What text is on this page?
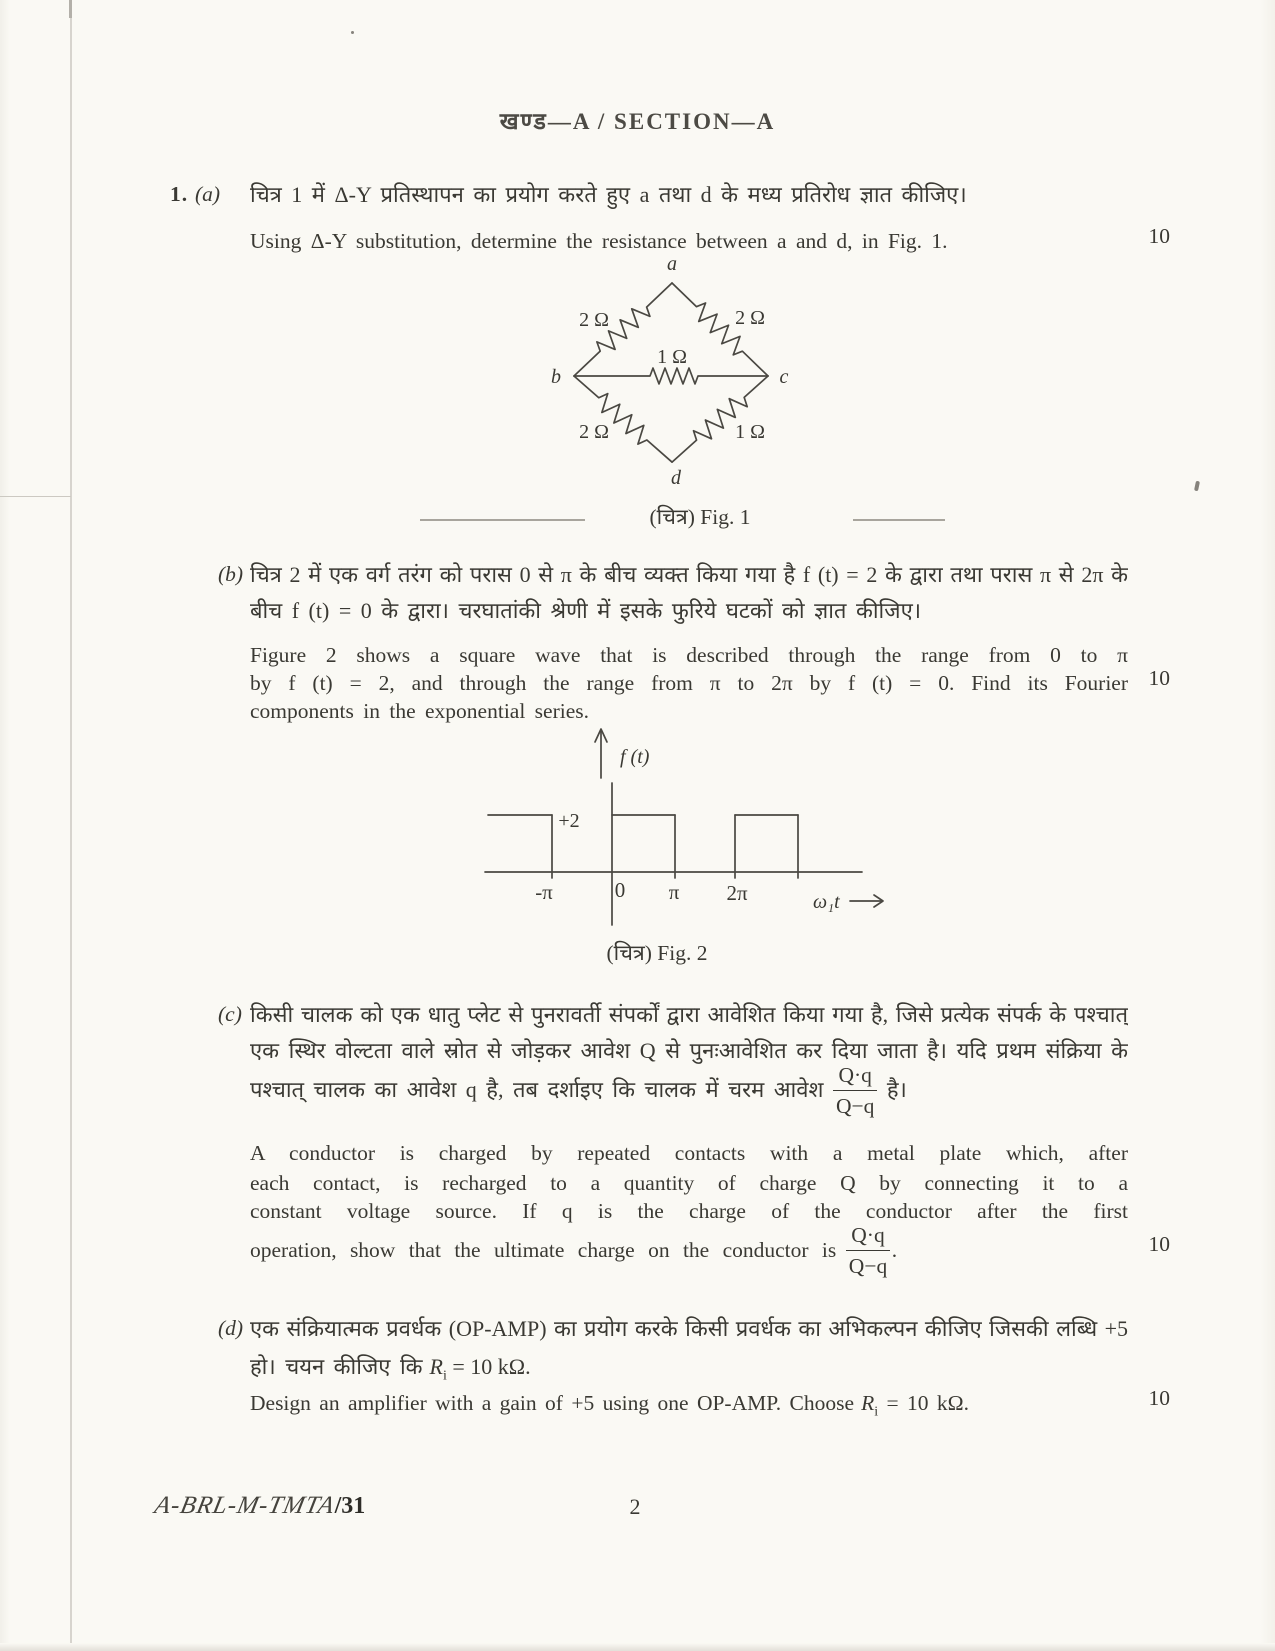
खण्ड—A / SECTION—A
1. (a) चित्र 1 में Δ-Y प्रतिस्थापन का प्रयोग करते हुए a तथा d के मध्य प्रतिरोध ज्ञात कीजिए।
Using Δ-Y substitution, determine the resistance between a and d, in Fig. 1.	10
a
b	c
d
2 Ω	2 Ω
1 Ω
2 Ω	1 Ω
(चित्र) Fig. 1
(b) चित्र 2 में एक वर्ग तरंग को परास 0 से π के बीच व्यक्त किया गया है f (t) = 2 के द्वारा तथा परास π से 2π के
बीच f (t) = 0 के द्वारा। चरघातांकी श्रेणी में इसके फुरिये घटकों को ज्ञात कीजिए।
Figure 2 shows a square wave that is described through the range from 0 to π
by f (t) = 2, and through the range from π to 2π by f (t) = 0. Find its Fourier
components in the exponential series.
10
f (t)
+2
-π	0 π 2π	ω₁t
(चित्र) Fig. 2
(c) किसी चालक को एक धातु प्लेट से पुनरावर्ती संपर्कों द्वारा आवेशित किया गया है, जिसे प्रत्येक संपर्क के पश्चात्
एक स्थिर वोल्टता वाले स्रोत से जोड़कर आवेश Q से पुनःआवेशित कर दिया जाता है। यदि प्रथम संक्रिया के
पश्चात् चालक का आवेश q है, तब दर्शाइए कि चालक में चरम आवेश $\frac{Q\cdot q}{Q-q}$ है।
A conductor is charged by repeated contacts with a metal plate which, after
each contact, is recharged to a quantity of charge Q by connecting it to a
constant voltage source. If q is the charge of the conductor after the first
operation, show that the ultimate charge on the conductor is $\frac{Q\cdot q}{Q-q}$ .	10
(d) एक संक्रियात्मक प्रवर्धक (OP-AMP) का प्रयोग करके किसी प्रवर्धक का अभिकल्पन कीजिए जिसकी लब्धि +5
हो। चयन कीजिए कि $R_i = 10$ kΩ.
Design an amplifier with a gain of +5 using one OP-AMP. Choose $R_i = 10$ kΩ.	10
A-BRL-M-TMTA/31	2
